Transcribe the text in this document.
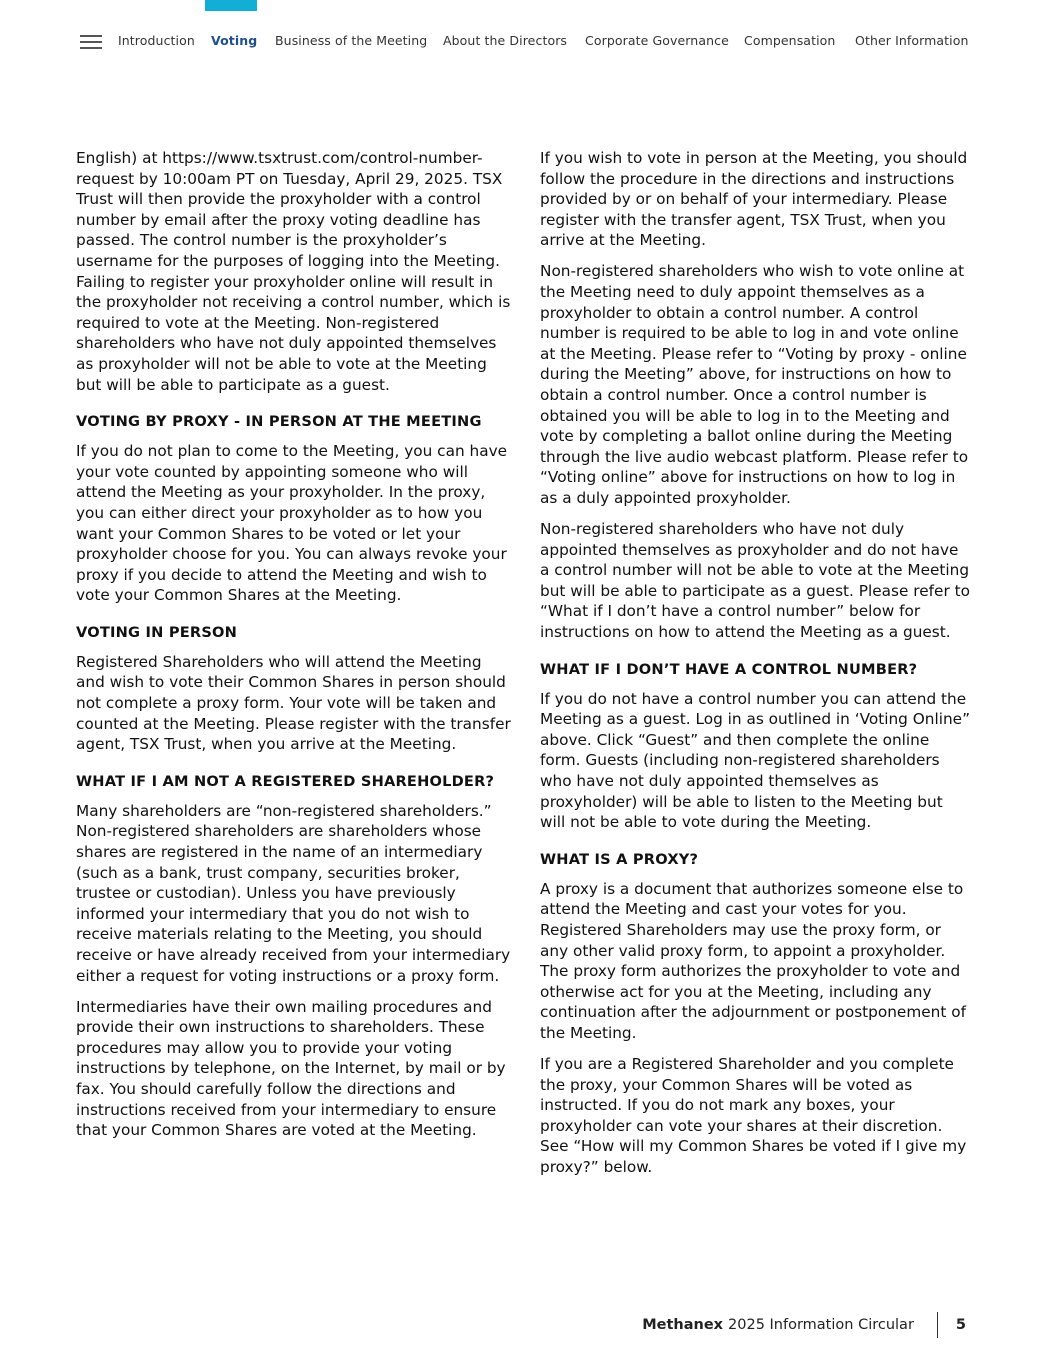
Introduction Voting Business of the Meeting About the Directors Corporate Governance Compensation Other Information

English) at https://www.tsxtrust.com/control-number-request by 10:00am PT on Tuesday, April 29, 2025. TSX Trust will then provide the proxyholder with a control number by email after the proxy voting deadline has passed. The control number is the proxyholder’s username for the purposes of logging into the Meeting. Failing to register your proxyholder online will result in the proxyholder not receiving a control number, which is required to vote at the Meeting. Non-registered shareholders who have not duly appointed themselves as proxyholder will not be able to vote at the Meeting but will be able to participate as a guest.

VOTING BY PROXY - IN PERSON AT THE MEETING

If you do not plan to come to the Meeting, you can have your vote counted by appointing someone who will attend the Meeting as your proxyholder. In the proxy, you can either direct your proxyholder as to how you want your Common Shares to be voted or let your proxyholder choose for you. You can always revoke your proxy if you decide to attend the Meeting and wish to vote your Common Shares at the Meeting.

VOTING IN PERSON

Registered Shareholders who will attend the Meeting and wish to vote their Common Shares in person should not complete a proxy form. Your vote will be taken and counted at the Meeting. Please register with the transfer agent, TSX Trust, when you arrive at the Meeting.

WHAT IF I AM NOT A REGISTERED SHAREHOLDER?

Many shareholders are “non-registered shareholders.” Non-registered shareholders are shareholders whose shares are registered in the name of an intermediary (such as a bank, trust company, securities broker, trustee or custodian). Unless you have previously informed your intermediary that you do not wish to receive materials relating to the Meeting, you should receive or have already received from your intermediary either a request for voting instructions or a proxy form.

Intermediaries have their own mailing procedures and provide their own instructions to shareholders. These procedures may allow you to provide your voting instructions by telephone, on the Internet, by mail or by fax. You should carefully follow the directions and instructions received from your intermediary to ensure that your Common Shares are voted at the Meeting.

If you wish to vote in person at the Meeting, you should follow the procedure in the directions and instructions provided by or on behalf of your intermediary. Please register with the transfer agent, TSX Trust, when you arrive at the Meeting.

Non-registered shareholders who wish to vote online at the Meeting need to duly appoint themselves as a proxyholder to obtain a control number. A control number is required to be able to log in and vote online at the Meeting. Please refer to “Voting by proxy - online during the Meeting” above, for instructions on how to obtain a control number. Once a control number is obtained you will be able to log in to the Meeting and vote by completing a ballot online during the Meeting through the live audio webcast platform. Please refer to “Voting online” above for instructions on how to log in as a duly appointed proxyholder.

Non-registered shareholders who have not duly appointed themselves as proxyholder and do not have a control number will not be able to vote at the Meeting but will be able to participate as a guest. Please refer to “What if I don’t have a control number” below for instructions on how to attend the Meeting as a guest.

WHAT IF I DON’T HAVE A CONTROL NUMBER?

If you do not have a control number you can attend the Meeting as a guest. Log in as outlined in ‘Voting Online” above. Click “Guest” and then complete the online form. Guests (including non-registered shareholders who have not duly appointed themselves as proxyholder) will be able to listen to the Meeting but will not be able to vote during the Meeting.

WHAT IS A PROXY?

A proxy is a document that authorizes someone else to attend the Meeting and cast your votes for you. Registered Shareholders may use the proxy form, or any other valid proxy form, to appoint a proxyholder. The proxy form authorizes the proxyholder to vote and otherwise act for you at the Meeting, including any continuation after the adjournment or postponement of the Meeting.

If you are a Registered Shareholder and you complete the proxy, your Common Shares will be voted as instructed. If you do not mark any boxes, your proxyholder can vote your shares at their discretion. See “How will my Common Shares be voted if I give my proxy?” below.

Methanex 2025 Information Circular	5
